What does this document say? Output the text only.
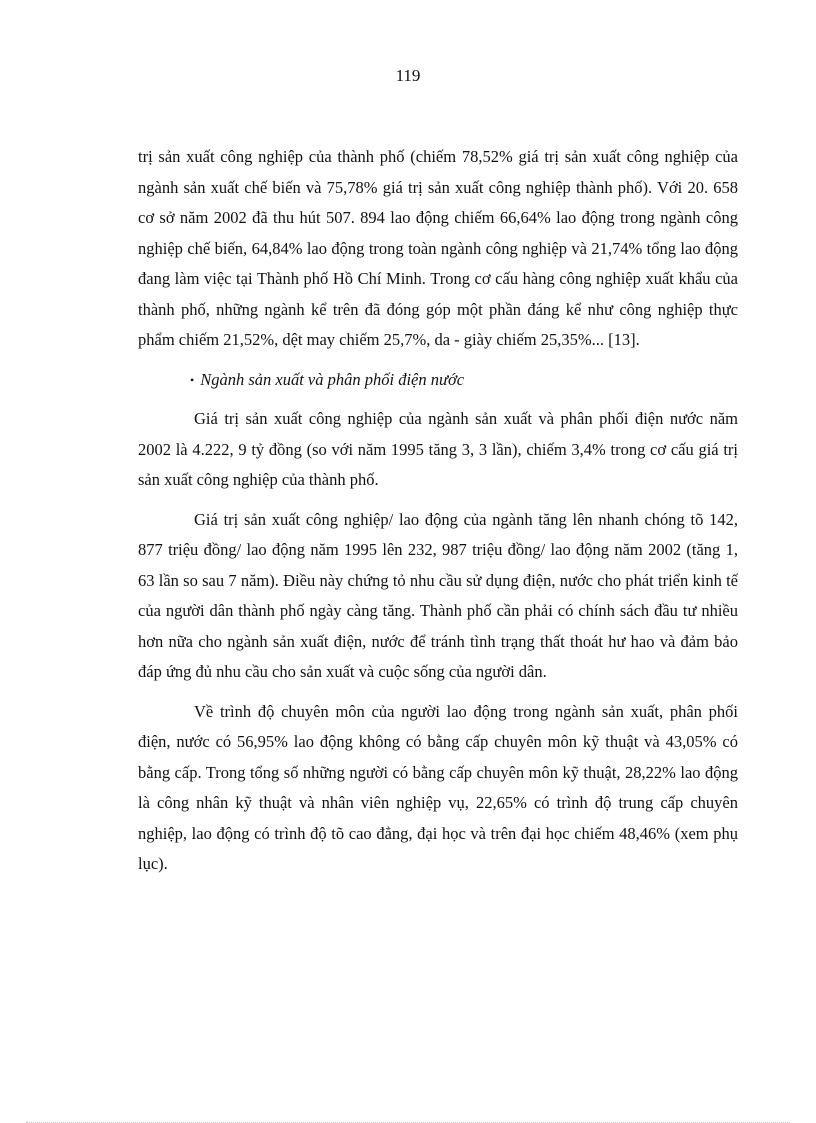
119

trị sản xuất công nghiệp của thành phố (chiếm 78,52% giá trị sản xuất công nghiệp của ngành sản xuất chế biến và 75,78% giá trị sản xuất công nghiệp thành phố). Với 20. 658 cơ sở năm 2002 đã thu hút 507. 894 lao động chiếm 66,64% lao động trong ngành công nghiệp chế biến, 64,84% lao động trong toàn ngành công nghiệp và 21,74% tổng lao động đang làm việc tại Thành phố Hồ Chí Minh. Trong cơ cấu hàng công nghiệp xuất khẩu của thành phố, những ngành kể trên đã đóng góp một phần đáng kể như công nghiệp thực phẩm chiếm 21,52%, dệt may chiếm 25,7%, da - giày chiếm 25,35%... [13].

• Ngành sản xuất và phân phối điện nước

Giá trị sản xuất công nghiệp của ngành sản xuất và phân phối điện nước năm 2002 là 4.222, 9 tỷ đồng (so với năm 1995 tăng 3, 3 lần), chiếm 3,4% trong cơ cấu giá trị sản xuất công nghiệp của thành phố.

Giá trị sản xuất công nghiệp/ lao động của ngành tăng lên nhanh chóng tõ 142, 877 triệu đồng/ lao động năm 1995 lên 232, 987 triệu đồng/ lao động năm 2002 (tăng 1, 63 lần so sau 7 năm). Điều này chứng tỏ nhu cầu sử dụng điện, nước cho phát triển kinh tế của người dân thành phố ngày càng tăng. Thành phố cần phải có chính sách đầu tư nhiều hơn nữa cho ngành sản xuất điện, nước để tránh tình trạng thất thoát hư hao và đảm bảo đáp ứng đủ nhu cầu cho sản xuất và cuộc sống của người dân.

Về trình độ chuyên môn của người lao động trong ngành sản xuất, phân phối điện, nước có 56,95% lao động không có bằng cấp chuyên môn kỹ thuật và 43,05% có bằng cấp. Trong tổng số những người có bằng cấp chuyên môn kỹ thuật, 28,22% lao động là công nhân kỹ thuật và nhân viên nghiệp vụ, 22,65% có trình độ trung cấp chuyên nghiệp, lao động có trình độ tõ cao đẳng, đại học và trên đại học chiếm 48,46% (xem phụ lục).
